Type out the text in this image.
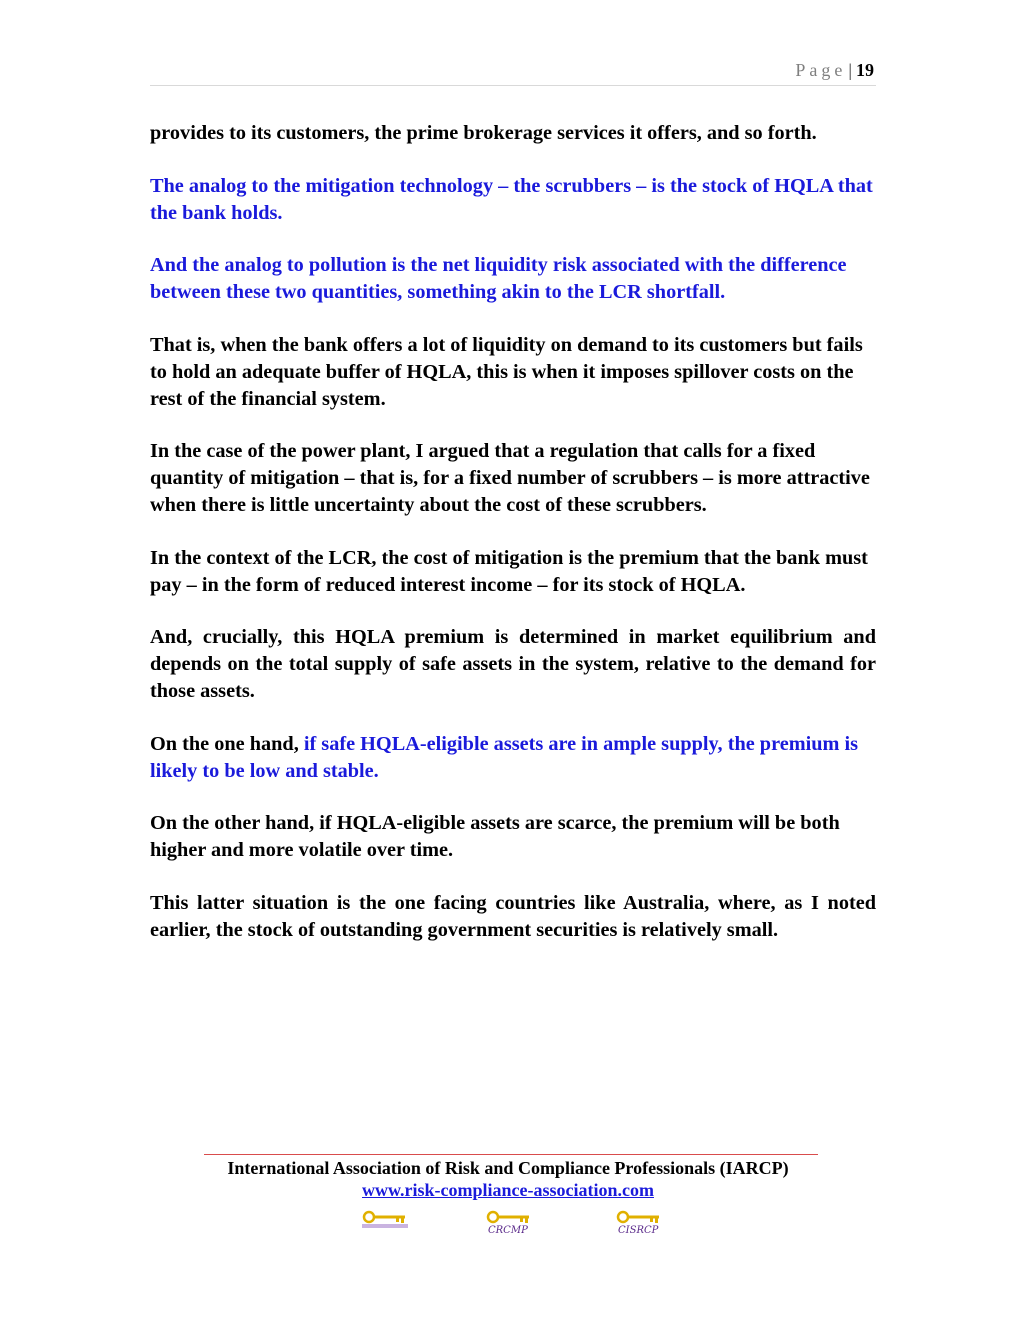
Page | 19

provides to its customers, the prime brokerage services it offers, and so forth.

The analog to the mitigation technology – the scrubbers – is the stock of HQLA that the bank holds.

And the analog to pollution is the net liquidity risk associated with the difference between these two quantities, something akin to the LCR shortfall.

That is, when the bank offers a lot of liquidity on demand to its customers but fails to hold an adequate buffer of HQLA, this is when it imposes spillover costs on the rest of the financial system.

In the case of the power plant, I argued that a regulation that calls for a fixed quantity of mitigation – that is, for a fixed number of scrubbers – is more attractive when there is little uncertainty about the cost of these scrubbers.

In the context of the LCR, the cost of mitigation is the premium that the bank must pay – in the form of reduced interest income – for its stock of HQLA.

And, crucially, this HQLA premium is determined in market equilibrium and depends on the total supply of safe assets in the system, relative to the demand for those assets.

On the one hand, if safe HQLA-eligible assets are in ample supply, the premium is likely to be low and stable.

On the other hand, if HQLA-eligible assets are scarce, the premium will be both higher and more volatile over time.

This latter situation is the one facing countries like Australia, where, as I noted earlier, the stock of outstanding government securities is relatively small.

International Association of Risk and Compliance Professionals (IARCP)
www.risk-compliance-association.com
CRCMP	CISRCP
